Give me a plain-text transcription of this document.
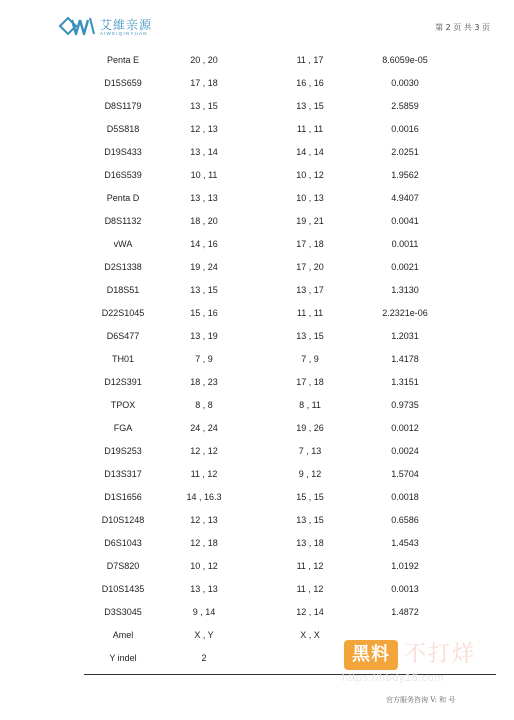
艾維亲源
AIWEIQINYUAN
第 2 页 共 3 页
Penta E	20 , 20	11 , 17	8.6059e-05
D15S659	17 , 18	16 , 16	0.0030
D8S1179	13 , 15	13 , 15	2.5859
D5S818	12 , 13	11 , 11	0.0016
D19S433	13 , 14	14 , 14	2.0251
D16S539	10 , 11	10 , 12	1.9562
Penta D	13 , 13	10 , 13	4.9407
D8S1132	18 , 20	19 , 21	0.0041
vWA	14 , 16	17 , 18	0.0011
D2S1338	19 , 24	17 , 20	0.0021
D18S51	13 , 15	13 , 17	1.3130
D22S1045	15 , 16	11 , 11	2.2321e-06
D6S477	13 , 19	13 , 15	1.2031
TH01	7 , 9	7 , 9	1.4178
D12S391	18 , 23	17 , 18	1.3151
TPOX	8 , 8	8 , 11	0.9735
FGA	24 , 24	19 , 26	0.0012
D19S253	12 , 12	7 , 13	0.0024
D13S317	11 , 12	9 , 12	1.5704
D1S1656	14 , 16.3	15 , 15	0.0018
D10S1248	12 , 13	13 , 15	0.6586
D6S1043	12 , 18	13 , 18	1.4543
D7S820	10 , 12	11 , 12	1.0192
D10S1435	13 , 13	11 , 12	0.0013
D3S3045	9 , 14	12 , 14	1.4872
Amel	X , Y	X , X
Y indel	2	黑料 不打烊
https://hbdy16.com
官方服务咨询 V: 和 号
